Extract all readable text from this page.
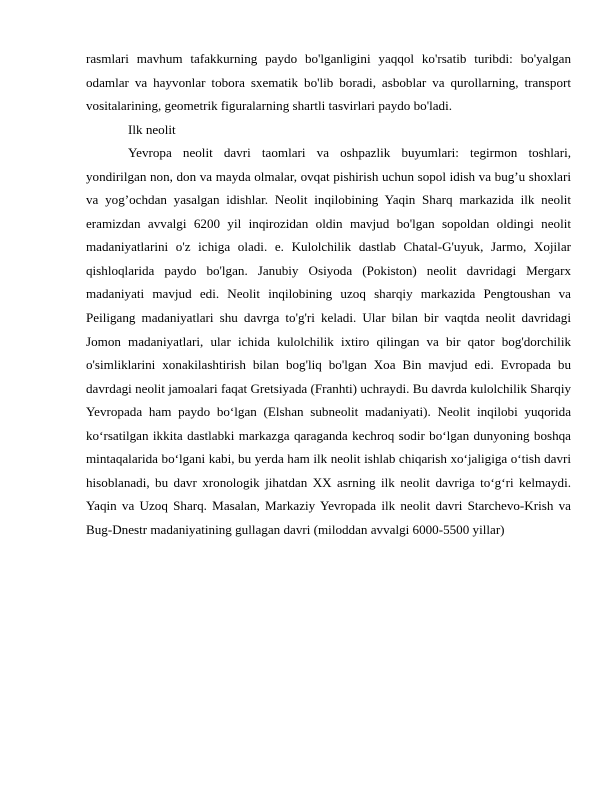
rasmlari mavhum tafakkurning paydo bo'lganligini yaqqol ko'rsatib turibdi: bo'yalgan odamlar va hayvonlar tobora sxematik bo'lib boradi, asboblar va qurollarning, transport vositalarining, geometrik figuralarning shartli tasvirlari paydo bo'ladi.

Ilk neolit

Yevropa neolit davri taomlari va oshpazlik buyumlari: tegirmon toshlari, yondirilgan non, don va mayda olmalar, ovqat pishirish uchun sopol idish va bug’u shoxlari va yog’ochdan yasalgan idishlar. Neolit inqilobining Yaqin Sharq markazida ilk neolit eramizdan avvalgi 6200 yil inqirozidan oldin mavjud bo'lgan sopoldan oldingi neolit madaniyatlarini o'z ichiga oladi. e. Kulolchilik dastlab Chatal-G'uyuk, Jarmo, Xojilar qishloqlarida paydo bo'lgan. Janubiy Osiyoda (Pokiston) neolit davridagi Mergarx madaniyati mavjud edi. Neolit inqilobining uzoq sharqiy markazida Pengtoushan va Peiligang madaniyatlari shu davrga to'g'ri keladi. Ular bilan bir vaqtda neolit davridagi Jomon madaniyatlari, ular ichida kulolchilik ixtiro qilingan va bir qator bog'dorchilik o'simliklarini xonakilashtirish bilan bog'liq bo'lgan Xoa Bin mavjud edi. Evropada bu davrdagi neolit jamoalari faqat Gretsiyada (Franhti) uchraydi. Bu davrda kulolchilik Sharqiy Yevropada ham paydo bo‘lgan (Elshan subneolit madaniyati). Neolit inqilobi yuqorida ko‘rsatilgan ikkita dastlabki markazga qaraganda kechroq sodir bo‘lgan dunyoning boshqa mintaqalarida bo‘lgani kabi, bu yerda ham ilk neolit ishlab chiqarish xo‘jaligiga o‘tish davri hisoblanadi, bu davr xronologik jihatdan XX asrning ilk neolit davriga to‘g‘ri kelmaydi. Yaqin va Uzoq Sharq. Masalan, Markaziy Yevropada ilk neolit davri Starchevo-Krish va Bug-Dnestr madaniyatining gullagan davri (miloddan avvalgi 6000-5500 yillar)
